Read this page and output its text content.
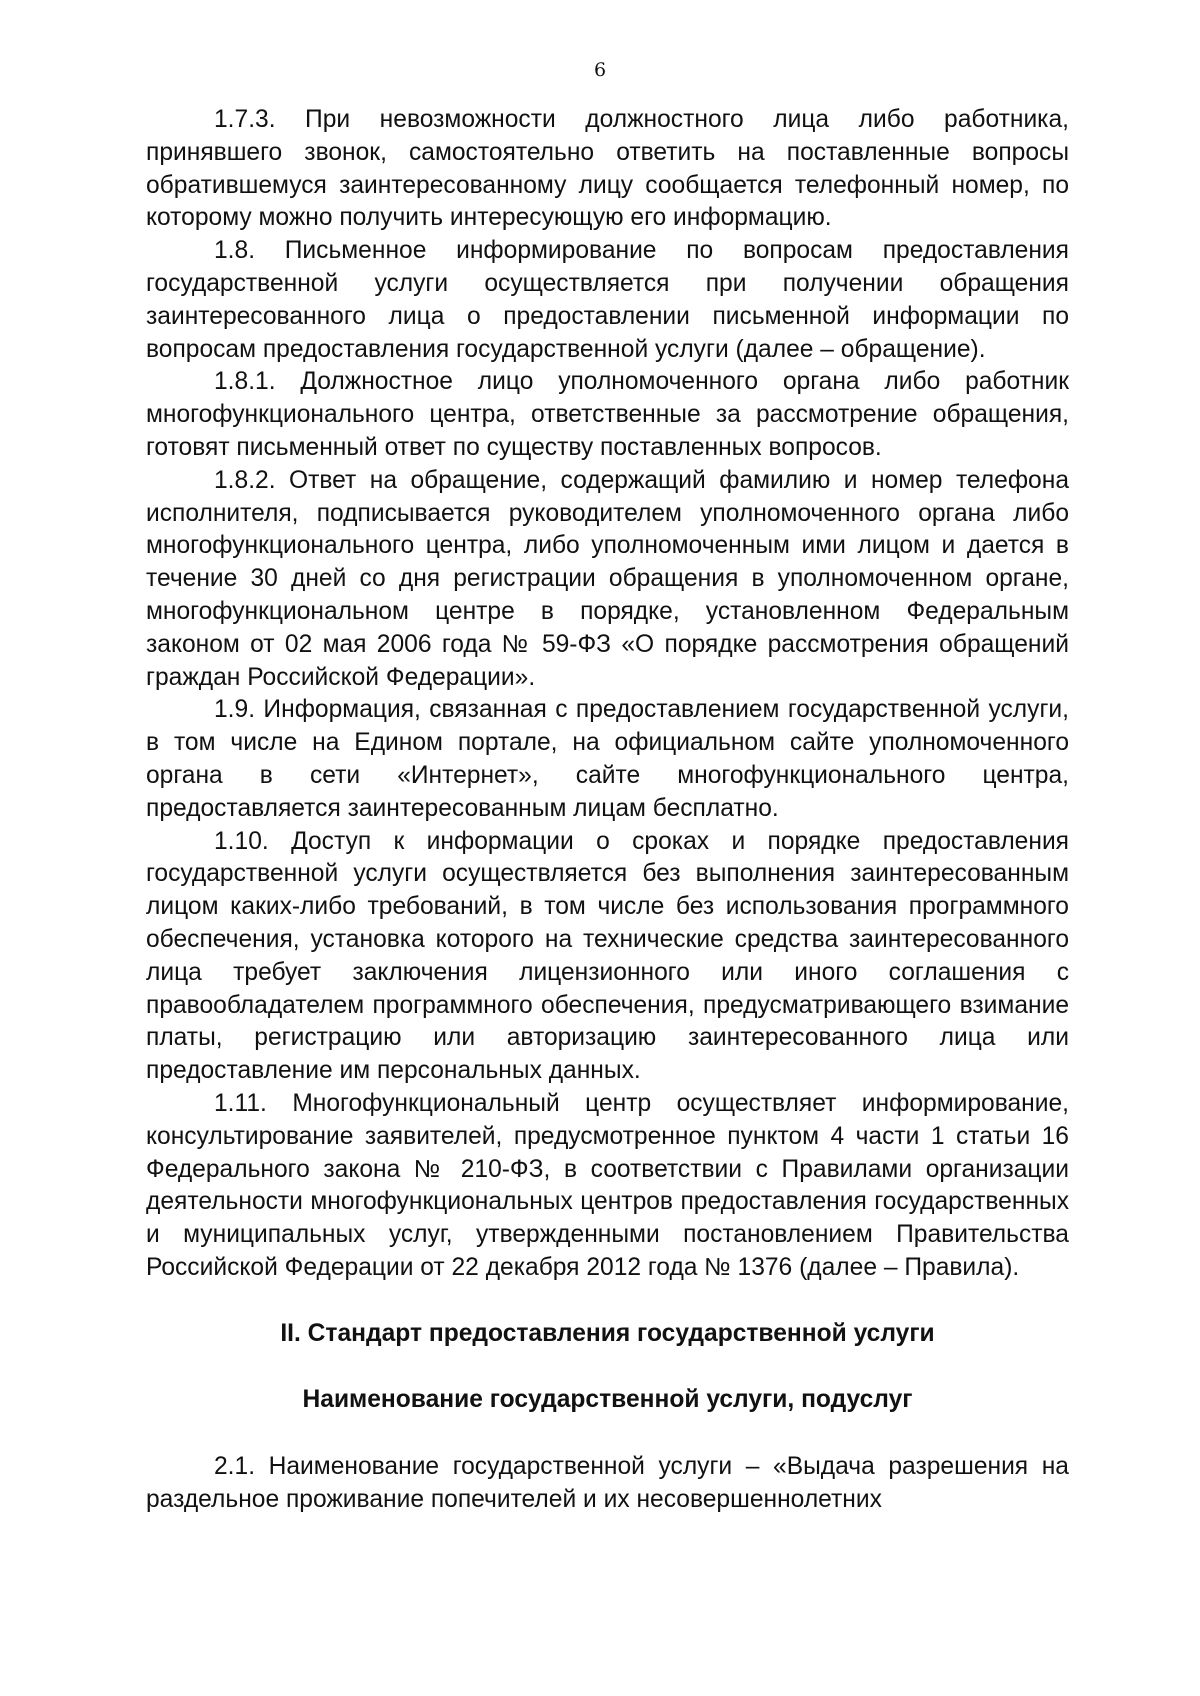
6

1.7.3. При невозможности должностного лица либо работника, принявшего звонок, самостоятельно ответить на поставленные вопросы обратившемуся заинтересованному лицу сообщается телефонный номер, по которому можно получить интересующую его информацию.

1.8. Письменное информирование по вопросам предоставления государственной услуги осуществляется при получении обращения заинтересованного лица о предоставлении письменной информации по вопросам предоставления государственной услуги (далее – обращение).

1.8.1. Должностное лицо уполномоченного органа либо работник многофункционального центра, ответственные за рассмотрение обращения, готовят письменный ответ по существу поставленных вопросов.

1.8.2. Ответ на обращение, содержащий фамилию и номер телефона исполнителя, подписывается руководителем уполномоченного органа либо многофункционального центра, либо уполномоченным ими лицом и дается в течение 30 дней со дня регистрации обращения в уполномоченном органе, многофункциональном центре в порядке, установленном Федеральным законом от 02 мая 2006 года № 59-ФЗ «О порядке рассмотрения обращений граждан Российской Федерации».

1.9. Информация, связанная с предоставлением государственной услуги, в том числе на Едином портале, на официальном сайте уполномоченного органа в сети «Интернет», сайте многофункционального центра, предоставляется заинтересованным лицам бесплатно.

1.10. Доступ к информации о сроках и порядке предоставления государственной услуги осуществляется без выполнения заинтересованным лицом каких-либо требований, в том числе без использования программного обеспечения, установка которого на технические средства заинтересованного лица требует заключения лицензионного или иного соглашения с правообладателем программного обеспечения, предусматривающего взимание платы, регистрацию или авторизацию заинтересованного лица или предоставление им персональных данных.

1.11. Многофункциональный центр осуществляет информирование, консультирование заявителей, предусмотренное пунктом 4 части 1 статьи 16 Федерального закона № 210-ФЗ, в соответствии с Правилами организации деятельности многофункциональных центров предоставления государственных и муниципальных услуг, утвержденными постановлением Правительства Российской Федерации от 22 декабря 2012 года № 1376 (далее – Правила).

II. Стандарт предоставления государственной услуги

Наименование государственной услуги, подуслуг

2.1. Наименование государственной услуги – «Выдача разрешения на раздельное проживание попечителей и их несовершеннолетних
